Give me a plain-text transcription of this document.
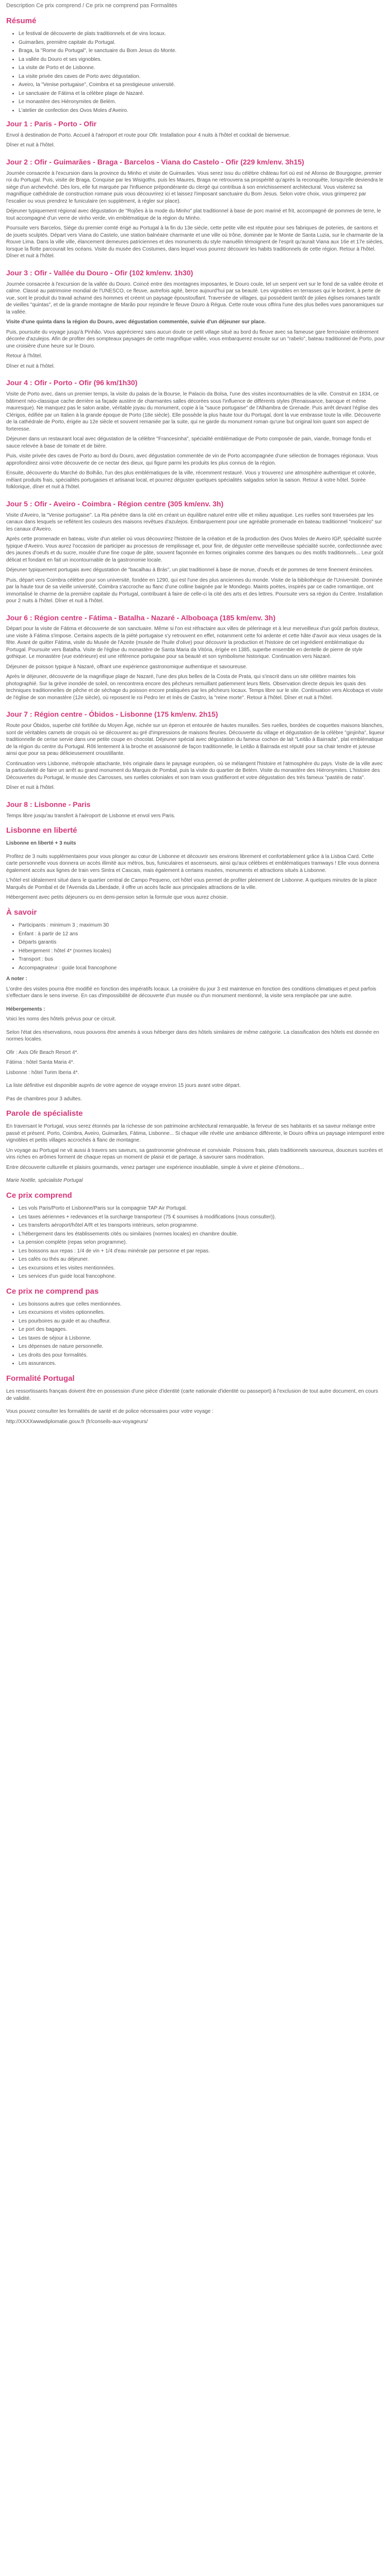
Description Ce prix comprend / Ce prix ne comprend pas Formalités

Résumé
• Le festival de découverte de plats traditionnels et de vins locaux.
• Guimarães, première capitale du Portugal.
• Braga, la "Rome du Portugal", le sanctuaire du Bom Jesus do Monte.
• La vallée du Douro et ses vignobles.
• La visite de Porto et de Lisbonne.
• La visite privée des caves de Porto avec dégustation.
• Aveiro, la "Venise portugaise", Coimbra et sa prestigieuse université.
• Le sanctuaire de Fátima et la célèbre plage de Nazaré.
• Le monastère des Hiéronymites de Belém.
• L'atelier de confection des Ovos Moles d'Aveiro.
Jour 1 : Paris - Porto - Ofir

Envol à destination de Porto. Accueil à l'aéroport et route pour Ofir. Installation pour 4 nuits à l'hôtel et cocktail de bienvenue.

Dîner et nuit à l'hôtel.

Jour 2 : Ofir - Guimarães - Braga - Barcelos - Viana do Castelo - Ofir (229 km/env. 3h15)

Journée consacrée à l'excursion dans la province du Minho et visite de Guimarães. Vous serez issu du célèbre château fort où est né Afonso de Bourgogne, premier roi du Portugal. Puis, visite de Braga. Conquise par les Wisigoths, puis les Maures, Braga ne retrouvera sa prospérité qu'après la reconquête, lorsqu'elle deviendra le siège d'un archevêché. Dès lors, elle fut marquée par l'influence prépondérante du clergé qui contribua à son enrichissement architectural. Vous visiterez sa magnifique cathédrale de construction romane puis vous découvrirez ici et laissez l'imposant sanctuaire du Bom Jesus. Selon votre choix, vous grimperez par l'escalier ou vous prendrez le funiculaire (en supplément, à régler sur place).

Déjeuner typiquement régional avec dégustation de "Rojões à la mode du Minho" plat traditionnel à base de porc mariné et frit, accompagné de pommes de terre, le tout accompagné d'un verre de vinho verde, vin emblématique de la région du Minho.

Poursuite vers Barcelos, Siège du premier comté érigé au Portugal à la fin du 13e siècle, cette petite ville est réputée pour ses fabriques de poteries, de santons et de jouets sculptés. Départ vers Viana do Castelo, une station balnéaire charmante et une ville où trône, dominée par le Monte de Santa Luzia, sur le charmante de la Rouve Lima. Dans la ville ville, élancement demeures patriciennes et des monuments du style manuélin témoignent de l'esprit qu'aurait Viana aux 16e et 17e siècles, lorsque la flotte parcourait les océans. Visite du musée des Costumes, dans lequel vous pourrez découvrir les habits traditionnels de cette région. Retour à l'hôtel. Dîner et nuit à l'hôtel.

Jour 3 : Ofir - Vallée du Douro - Ofir (102 km/env. 1h30)

Journée consacrée à l'excursion de la vallée du Douro. Coincé entre des montagnes imposantes, le Douro coule, tel un serpent vert sur le fond de sa vallée étroite et calme. Classé au patrimoine mondial de l'UNESCO, ce fleuve, autrefois agité, berce aujourd'hui par sa beauté. Les vignobles en terrasses qui le bordent, à perte de vue, sont le produit du travail acharné des hommes et créent un paysage époustouflant. Traversée de villages, qui possèdent tantôt de jolies églises romanes tantôt de vieilles "quintas", et de la grande montagne de Marão pour rejoindre le fleuve Douro à Régua. Cette route vous offrira l'une des plus belles vues panoramiques sur la vallée.

Visite d'une quinta dans la région du Douro, avec dégustation commentée, suivie d'un déjeuner sur place.

Puis, poursuite du voyage jusqu'à Pinhão. Vous apprécierez sans aucun doute ce petit village situé au bord du fleuve avec sa fameuse gare ferroviaire entièrement décorée d'azulejos. Afin de profiter des sompteaux paysages de cette magnifique vallée, vous embarquerez ensuite sur un "rabelo", bateau traditionnel de Porto, pour une croisière d'une heure sur le Douro.

Retour à l'hôtel.

Dîner et nuit à l'hôtel.

Jour 4 : Ofir - Porto - Ofir (96 km/1h30)

Visite de Porto avec, dans un premier temps, la visite du palais de la Bourse, le Palacio da Bolsa, l'une des visites incontournables de la ville. Construit en 1834, ce bâtiment néo-classique cache derrière sa façade austère de charmantes salles décorées sous l'influence de différents styles (Renaissance, baroque et même mauresque). Ne manquez pas le salon arabe, véritable joyau du monument, copie à la "sauce portugaise" de l'Alhambra de Grenade. Puis arrêt devant l'église des Clérigos, édifiée par un Italien à la grande époque de Porto (18e siècle). Elle possède la plus haute tour du Portugal, dont la vue embrasse toute la ville. Découverte de la cathédrale de Porto, érigée au 12e siècle et souvent remaniée par la suite, qui ne garde du monument roman qu'une but original loin quant son aspect de forteresse.

Déjeuner dans un restaurant local avec dégustation de la célèbre "Francesinha", spécialité emblématique de Porto composée de pain, viande, fromage fondu et sauce relevée à base de tomate et de bière.

Puis, visite privée des caves de Porto au bord du Douro, avec dégustation commentée de vin de Porto accompagnée d'une sélection de fromages régionaux. Vous approfondirez ainsi votre découverte de ce nectar des dieux, qui figure parmi les produits les plus connus de la région.

Ensuite, découverte du Marché do Bolhão, l'un des plus emblématiques de la ville, récemment restauré. Vous y trouverez une atmosphère authentique et colorée, mêlant produits frais, spécialités portugaises et artisanat local, et pourrez déguster quelques spécialités salgados selon la saison. Retour à votre hôtel. Soirée folklorique, dîner et nuit à l'hôtel.

Jour 5 : Ofir - Aveiro - Coimbra - Région centre (305 km/env. 3h)

Visite d'Aveiro, la "Venise portugaise". La Ria pénètre dans la cité en créant un équilibre naturel entre ville et milieu aquatique. Les ruelles sont traversées par les canaux dans lesquels se reflètent les couleurs des maisons revêtues d'azulejos. Embarquement pour une agréable promenade en bateau traditionnel "moliceiro" sur les canaux d'Aveiro.

Après cette promenade en bateau, visite d'un atelier où vous découvrirez l'histoire de la création et de la production des Ovos Moles de Aveiro IGP, spécialité sucrée typique d'Aveiro. Vous aurez l'occasion de participer au processus de remplissage et, pour finir, de déguster cette merveilleuse spécialité sucrée, confectionnée avec des jaunes d'oeufs et du sucre, moulée d'une fine coque de pâte, souvent façonnée en formes originales comme des banques ou des motifs traditionnels... Leur goût délicat et fondant en fait un incontournable de la gastronomie locale.

Déjeuner typiquement portugais avec dégustation de "bacalhau à Brás", un plat traditionnel à base de morue, d'oeufs et de pommes de terre finement émincées.

Puis, départ vers Coimbra célèbre pour son université, fondée en 1290, qui est l'une des plus anciennes du monde. Visite de la bibliothèque de l'Université. Dominée par la haute tour de sa vieille université, Coimbra s'accroche au flanc d'une colline baignée par le Mondego. Maints poètes, inspirés par ce cadre romantique, ont immortalisé le charme de la première capitale du Portugal, contribuant à faire de celle-ci la cité des arts et des lettres. Poursuite vers sa région du Centre. Installation pour 2 nuits à l'hôtel. Dîner et nuit à l'hôtel.

Jour 6 : Région centre - Fátima - Batalha - Nazaré - Alboboaça (185 km/env. 3h)

Départ pour la visite de Fátima et découverte de son sanctuaire. Même si l'on est réfractaire aux villes de pèlerinage et à leur merveilleux d'un goût parfois douteux, une visite à Fátima s'impose. Certains aspects de la piété portugaise s'y retrouvent en effet, notamment cette foi ardente et cette hâte d'avoir aux vieux usages de la fête. Avant de quitter Fátima, visite du Musée de l'Azeite (musée de l'huile d'olive) pour découvrir la production et l'histoire de cet ingrédient emblématique du Portugal. Poursuite vers Batalha. Visite de l'église du monastère de Santa Maria da Vitória, érigée en 1385, superbe ensemble en dentelle de pierre de style gothique. Le monastère (vue extérieure) est une référence portugaise pour sa beauté et son symbolisme historique. Continuation vers Nazaré.

Déjeuner de poisson typique à Nazaré, offrant une expérience gastronomique authentique et savoureuse.

Après le déjeuner, découverte de la magnifique plage de Nazaré, l'une des plus belles de la Costa de Prata, qui s'inscrit dans un site célèbre maintes fois photographié. Sur la grève inondée de soleil, on rencontrera encore des pêcheurs remuillant patiemment leurs filets. Observation directe depuis les quais des techniques traditionnelles de pêche et de séchage du poisson encore pratiquées par les pêcheurs locaux. Temps libre sur le site. Continuation vers Alcobaça et visite de l'église de son monastère (12e siècle), où reposent le roi Pedro Ier et Inès de Castro, la "reine morte". Retour à l'hôtel. Dîner et nuit à l'hôtel.

Jour 7 : Région centre - Óbidos - Lisbonne (175 km/env. 2h15)

Route pour Óbidos, superbe cité fortifiée du Moyen Âge, nichée sur un éperon et entourée de hautes murailles. Ses ruelles, bordées de coquettes maisons blanches, sont de véritables carnets de croquis où se découvrent au gré d'impressions de maisons fleuries. Découverte du village et dégustation de la célèbre "ginjinha", liqueur traditionnelle de cerise servie dans une petite coupe en chocolat. Déjeuner spécial avec dégustation du fameux cochon de lait "Leitão à Bairrada", plat emblématique de la région du centre du Portugal. Rôti lentement à la broche et assaisonné de façon traditionnelle, le Leitão à Bairrada est réputé pour sa chair tendre et juteuse ainsi que pour sa peau délicieusement croustillante.

Continuation vers Lisbonne, métropole attachante, très originale dans le paysage européen, où se mélangent l'histoire et l'atmosphère du pays. Visite de la ville avec la particularité de faire un arrêt au grand monument du Marquis de Pombal, puis la visite du quartier de Belém. Visite du monastère des Hiéronymites. L'histoire des Découvertes du Portugal, le musée des Carrosses, ses ruelles coloniales et son tram vous gratifieront et votre dégustation des très fameux "pastéis de nata".

Dîner et nuit à l'hôtel.

Jour 8 : Lisbonne - Paris

Temps libre jusqu'au transfert à l'aéroport de Lisbonne et envol vers Paris.

Lisbonne en liberté

Lisbonne en liberté + 3 nuits

Profitez de 3 nuits supplémentaires pour vous plonger au cœur de Lisbonne et découvrir ses environs librement et confortablement grâce à la Lisboa Card. Cette carte personnelle vous donnera un accès illimité aux métros, bus, funiculaires et ascenseurs, ainsi qu'aux célèbres et emblématiques tramways ! Elle vous donnera également accès aux lignes de train vers Sintra et Cascais, mais également à certains musées, monuments et attractions situés à Lisbonne.

L'hôtel est idéalement situé dans le quartier central de Campo Pequeno, cet hôtel vous permet de profiter pleinement de Lisbonne. A quelques minutes de la place Marquês de Pombal et de l'Avenida da Liberdade, il offre un accès facile aux principales attractions de la ville.

Hébergement avec petits déjeuners ou en demi-pension selon la formule que vous aurez choisie.

À savoir
• Participants : minimum 3 ; maximum 30
• Enfant : à partir de 12 ans
• Départs garantis
• Hébergement : hôtel 4* (normes locales)
• Transport : bus
• Accompagnateur : guide local francophone

A noter :

L'ordre des visites pourra être modifié en fonction des impératifs locaux. La croisière du jour 3 est maintenue en fonction des conditions climatiques et peut parfois s'effectuer dans le sens inverse. En cas d'impossibilité de découverte d'un musée ou d'un monument mentionné, la visite sera remplacée par une autre.

Hébergements :

Voici les noms des hôtels prévus pour ce circuit.

Selon l'état des réservations, nous pouvons être amenés à vous héberger dans des hôtels similaires de même catégorie. La classification des hôtels est donnée en normes locales.

Ofir : Axis Ofir Beach Resort 4*.

Fátima : hôtel Santa Maria 4*.

Lisbonne : hôtel Turim Iberia 4*.

La liste définitive est disponible auprès de votre agence de voyage environ 15 jours avant votre départ.

Pas de chambres pour 3 adultes.

Parole de spécialiste

En traversant le Portugal, vous serez étonnés par la richesse de son patrimoine architectural remarquable, la ferveur de ses habitants et sa saveur mélange entre passé et présent. Porto, Coimbra, Aveiro, Guimarães, Fátima, Lisbonne... Si chaque ville révèle une ambiance différente, le Douro offrira un paysage intemporel entre vignobles et petits villages accrochés à flanc de montagne.

Un voyage au Portugal ne vit aussi à travers ses saveurs, sa gastronomie généreuse et conviviale. Poissons frais, plats traditionnels savoureux, douceurs sucrées et vins riches en arômes forment de chaque repas un moment de plaisir et de partage, à savourer sans modération.

Entre découverte culturelle et plaisirs gourmands, venez partager une expérience inoubliable, simple à vivre et pleine d'émotions...

Marie Noëlle, spécialiste Portugal

Ce prix comprend
• Les vols Paris/Porto et Lisbonne/Paris sur la compagnie TAP Air Portugal.
• Les taxes aériennes + redevances et la surcharge transporteur (75 € soumises à modifications (nous consulter)).
• Les transferts aéroport/hôtel A/R et les transports intérieurs, selon programme.
• L'hébergement dans les établissements cités ou similaires (normes locales) en chambre double.
• La pension complète (repas selon programme).
• Les boissons aux repas : 1/4 de vin + 1/4 d'eau minérale par personne et par repas.
• Les cafés ou thés au déjeuner.
• Les excursions et les visites mentionnées.
• Les services d'un guide local francophone.
Ce prix ne comprend pas
• Les boissons autres que celles mentionnées.
• Les excursions et visites optionnelles.
• Les pourboires au guide et au chauffeur.
• Le port des bagages.
• Les taxes de séjour à Lisbonne.
• Les dépenses de nature personnelle.
• Les droits des pour formalités.
• Les assurances.
Formalité Portugal

Les ressortissants français doivent être en possession d'une pièce d'identité (carte nationale d'identité ou passeport) à l'exclusion de tout autre document, en cours de validité.

Vous pouvez consulter les formalités de santé et de police nécessaires pour votre voyage :

http://XXXXwwwdiplomatie.gouv.fr (fr/conseils-aux-voyageurs/
